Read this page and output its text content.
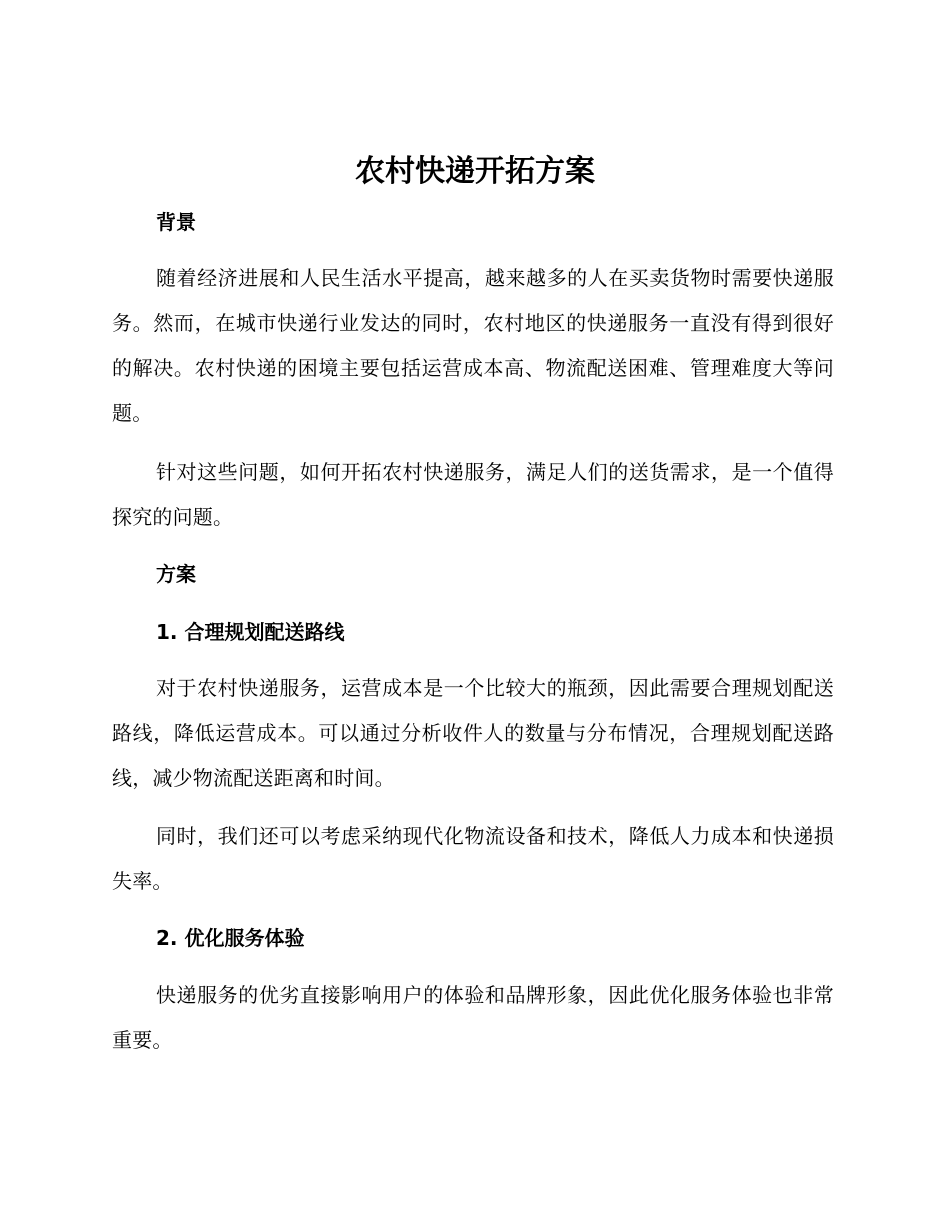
农村快递开拓方案
背景

随着经济进展和人民生活水平提高，越来越多的人在买卖货物时需要快递服务。然而，在城市快递行业发达的同时，农村地区的快递服务一直没有得到很好的解决。农村快递的困境主要包括运营成本高、物流配送困难、管理难度大等问题。

针对这些问题，如何开拓农村快递服务，满足人们的送货需求，是一个值得探究的问题。

方案
1. 合理规划配送路线

对于农村快递服务，运营成本是一个比较大的瓶颈，因此需要合理规划配送路线，降低运营成本。可以通过分析收件人的数量与分布情况，合理规划配送路线，减少物流配送距离和时间。

同时，我们还可以考虑采纳现代化物流设备和技术，降低人力成本和快递损失率。

2. 优化服务体验

快递服务的优劣直接影响用户的体验和品牌形象，因此优化服务体验也非常重要。
